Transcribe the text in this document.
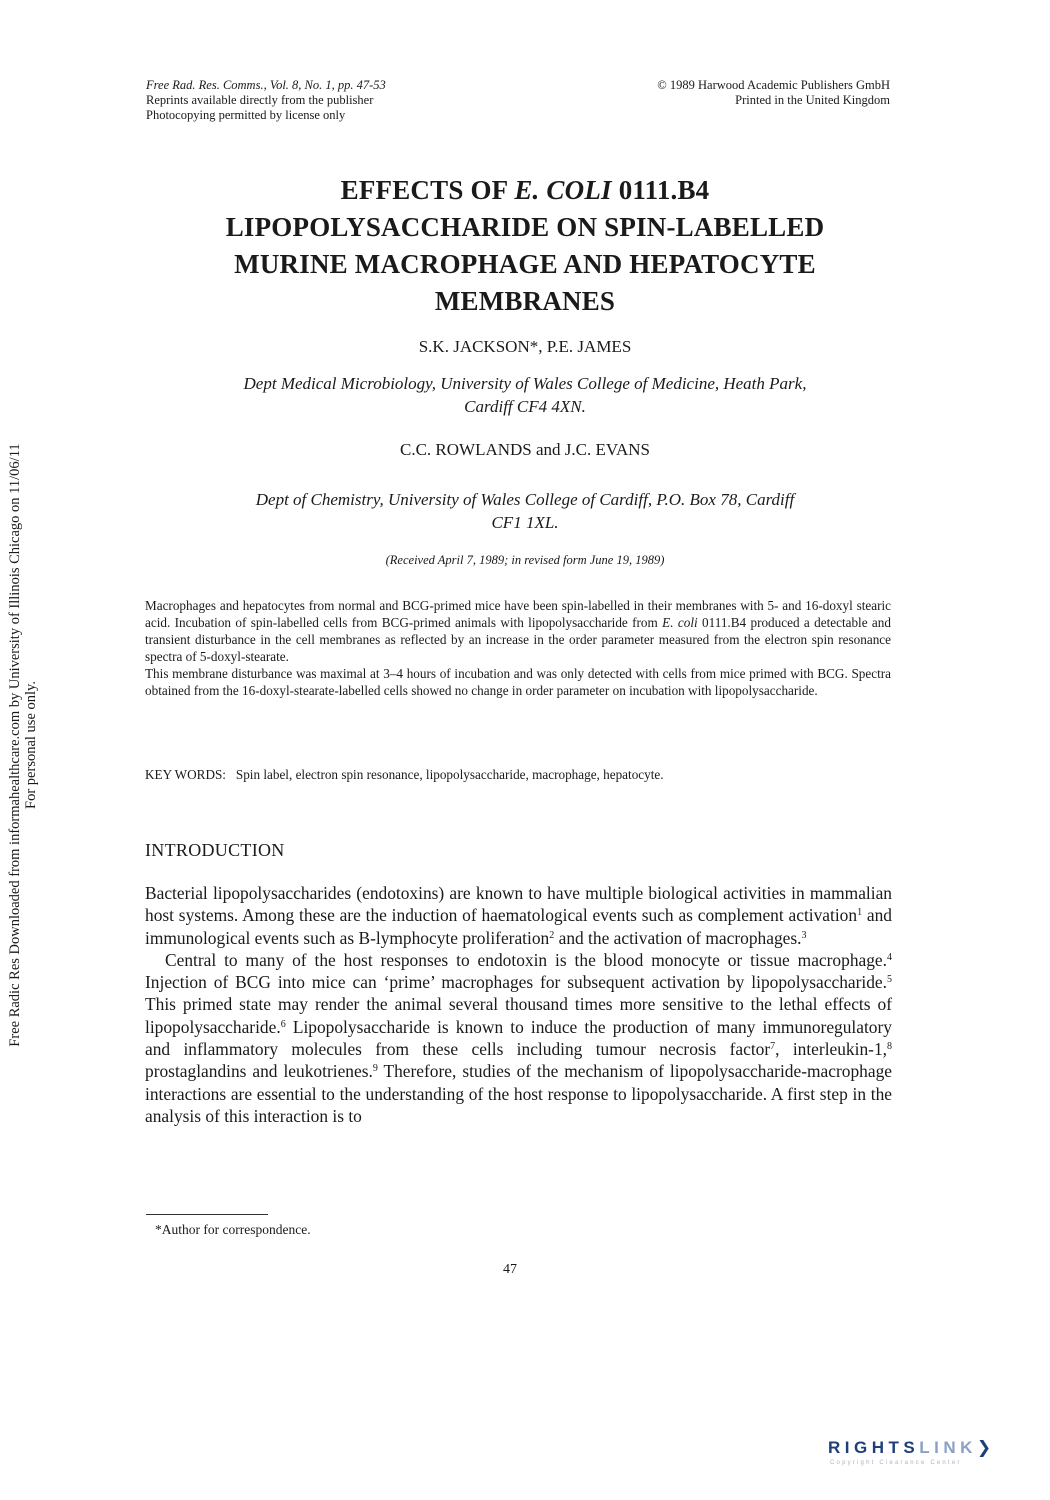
Free Rad. Res. Comms., Vol. 8, No. 1, pp. 47-53
Reprints available directly from the publisher
Photocopying permitted by license only
© 1989 Harwood Academic Publishers GmbH
Printed in the United Kingdom
EFFECTS OF E. COLI 0111.B4
LIPOPOLYSACCHARIDE ON SPIN-LABELLED
MURINE MACROPHAGE AND HEPATOCYTE
MEMBRANES
S.K. JACKSON*, P.E. JAMES
Dept Medical Microbiology, University of Wales College of Medicine, Heath Park,
Cardiff CF4 4XN.
C.C. ROWLANDS and J.C. EVANS
Dept of Chemistry, University of Wales College of Cardiff, P.O. Box 78, Cardiff
CF1 1XL.
(Received April 7, 1989; in revised form June 19, 1989)

Macrophages and hepatocytes from normal and BCG-primed mice have been spin-labelled in their membranes with 5- and 16-doxyl stearic acid. Incubation of spin-labelled cells from BCG-primed animals with lipopolysaccharide from E. coli 0111.B4 produced a detectable and transient disturbance in the cell membranes as reflected by an increase in the order parameter measured from the electron spin resonance spectra of 5-doxyl-stearate.

This membrane disturbance was maximal at 3–4 hours of incubation and was only detected with cells from mice primed with BCG. Spectra obtained from the 16-doxyl-stearate-labelled cells showed no change in order parameter on incubation with lipopolysaccharide.

KEY WORDS: Spin label, electron spin resonance, lipopolysaccharide, macrophage, hepatocyte.
INTRODUCTION

Bacterial lipopolysaccharides (endotoxins) are known to have multiple biological activities in mammalian host systems. Among these are the induction of haematological events such as complement activation$^1$ and immunological events such as B-lymphocyte proliferation$^2$ and the activation of macrophages.$^3$

Central to many of the host responses to endotoxin is the blood monocyte or tissue macrophage.$^4$ Injection of BCG into mice can ‘prime’ macrophages for subsequent activation by lipopolysaccharide.$^5$ This primed state may render the animal several thousand times more sensitive to the lethal effects of lipopolysaccharide.$^6$ Lipopolysaccharide is known to induce the production of many immunoregulatory and inflammatory molecules from these cells including tumour necrosis factor$^7$, interleukin-1,$^8$ prostaglandins and leukotrienes.$^9$ Therefore, studies of the mechanism of lipopolysaccharide-macrophage interactions are essential to the understanding of the host response to lipopolysaccharide. A first step in the analysis of this interaction is to

*Author for correspondence.
47
Free Radic Res Downloaded from informahealthcare.com by University of Illinois Chicago on 11/06/11 For personal use only.
RIGHTSLINK❯
Copyright Clearance Center
